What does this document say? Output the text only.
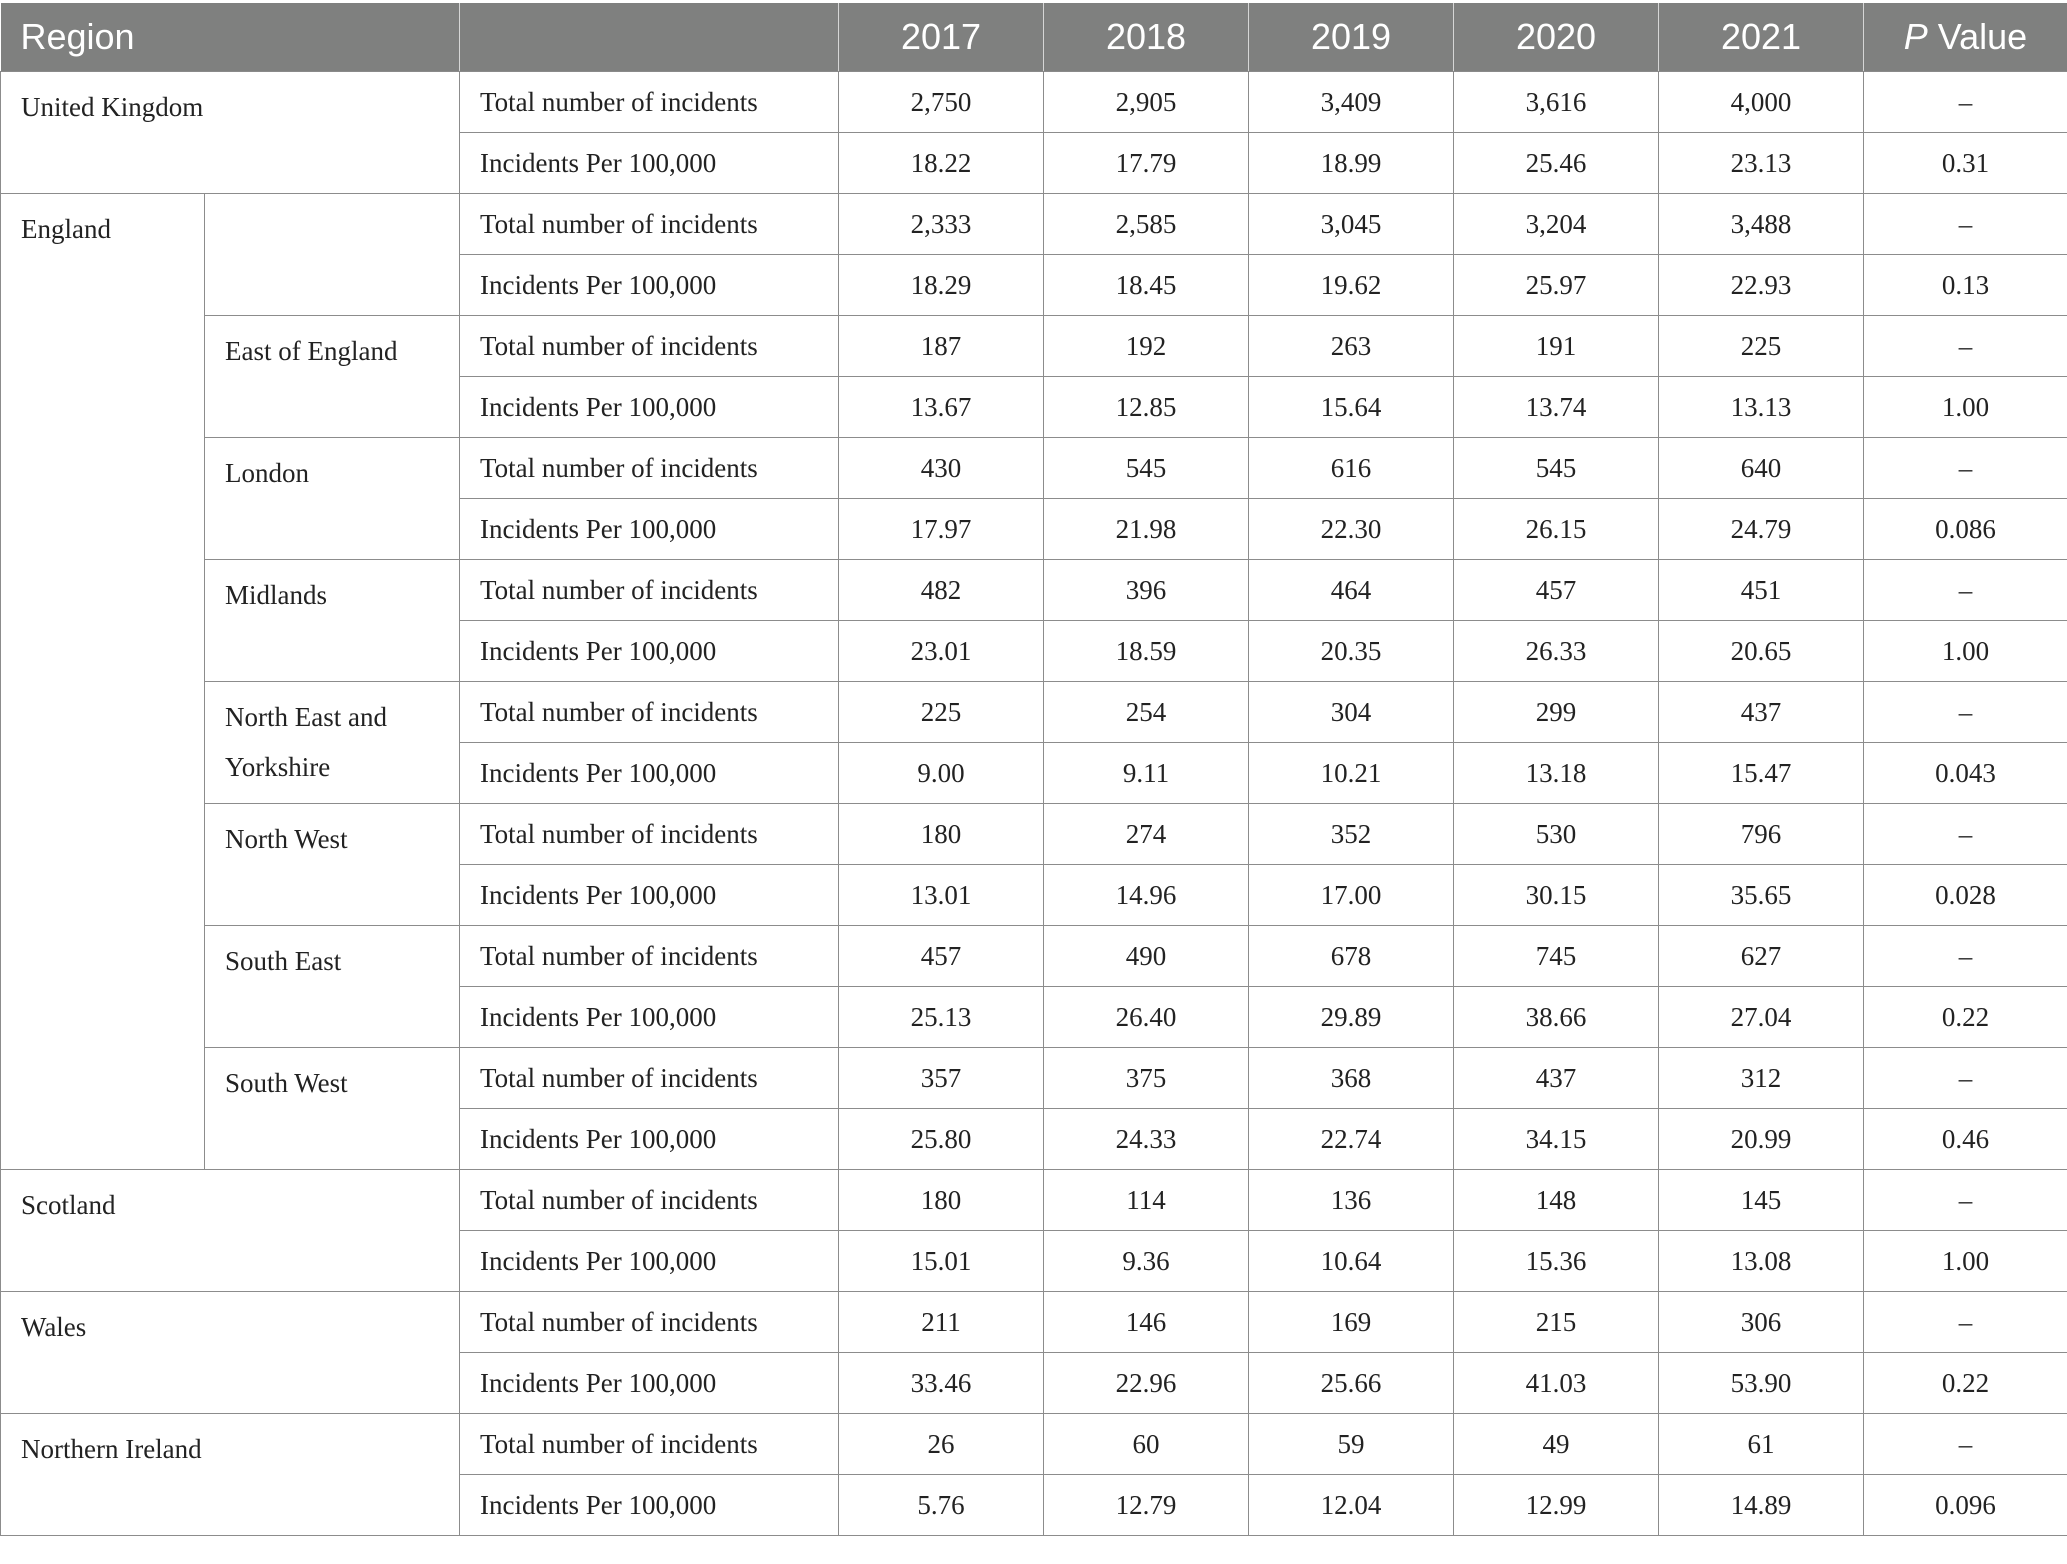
Region			2017	2018	2019	2020	2021	P Value
United Kingdom		Total number of incidents	2,750	2,905	3,409	3,616	4,000	–
		Incidents Per 100,000	18.22	17.79	18.99	25.46	23.13	0.31
England		Total number of incidents	2,333	2,585	3,045	3,204	3,488	–
		Incidents Per 100,000	18.29	18.45	19.62	25.97	22.93	0.13
	East of England	Total number of incidents	187	192	263	191	225	–
		Incidents Per 100,000	13.67	12.85	15.64	13.74	13.13	1.00
	London	Total number of incidents	430	545	616	545	640	–
		Incidents Per 100,000	17.97	21.98	22.30	26.15	24.79	0.086
	Midlands	Total number of incidents	482	396	464	457	451	–
		Incidents Per 100,000	23.01	18.59	20.35	26.33	20.65	1.00
	North East and Yorkshire	Total number of incidents	225	254	304	299	437	–
		Incidents Per 100,000	9.00	9.11	10.21	13.18	15.47	0.043
	North West	Total number of incidents	180	274	352	530	796	–
		Incidents Per 100,000	13.01	14.96	17.00	30.15	35.65	0.028
	South East	Total number of incidents	457	490	678	745	627	–
		Incidents Per 100,000	25.13	26.40	29.89	38.66	27.04	0.22
	South West	Total number of incidents	357	375	368	437	312	–
		Incidents Per 100,000	25.80	24.33	22.74	34.15	20.99	0.46
Scotland		Total number of incidents	180	114	136	148	145	–
		Incidents Per 100,000	15.01	9.36	10.64	15.36	13.08	1.00
Wales		Total number of incidents	211	146	169	215	306	–
		Incidents Per 100,000	33.46	22.96	25.66	41.03	53.90	0.22
Northern Ireland		Total number of incidents	26	60	59	49	61	–
		Incidents Per 100,000	5.76	12.79	12.04	12.99	14.89	0.096
